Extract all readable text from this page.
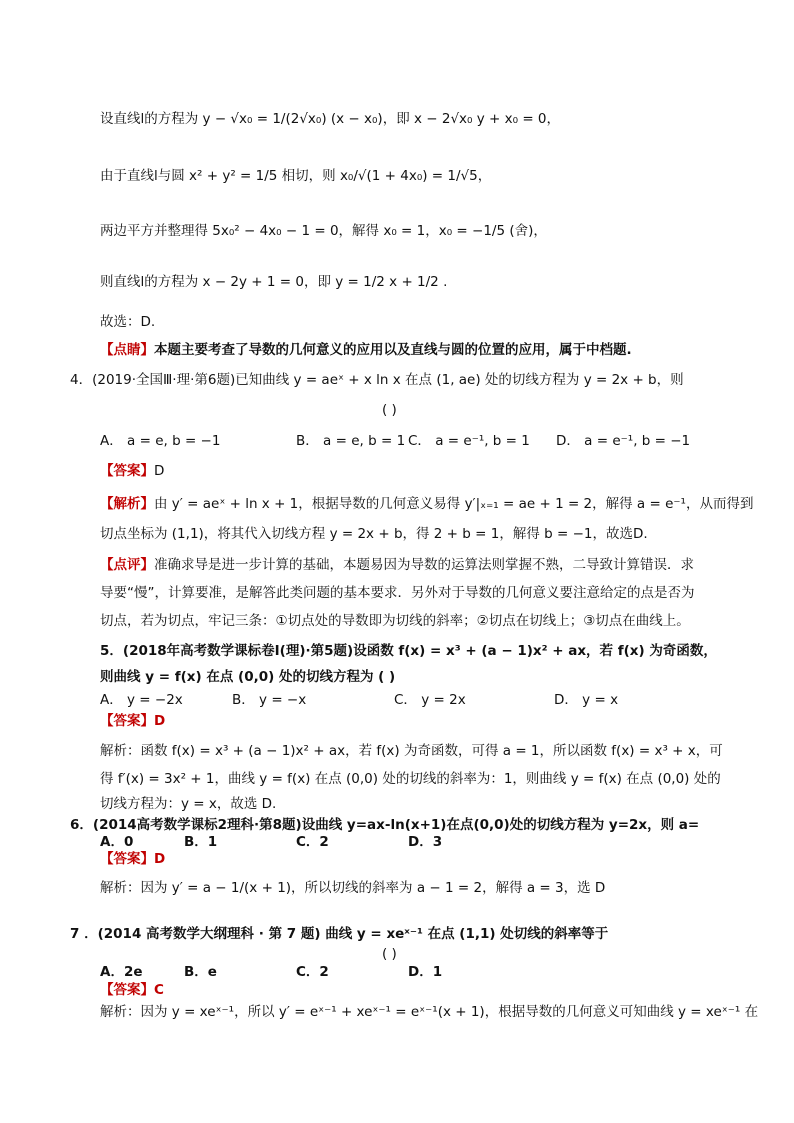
设直线l的方程为 y − √x₀ = 1/(2√x₀) (x − x₀)，即 x − 2√x₀ y + x₀ = 0，
由于直线l与圆 x² + y² = 1/5 相切，则 x₀/√(1 + 4x₀) = 1/√5，
两边平方并整理得 5x₀² − 4x₀ − 1 = 0，解得 x₀ = 1，x₀ = −1/5 (舍)，
则直线l的方程为 x − 2y + 1 = 0，即 y = 1/2 x + 1/2 .
故选：D.
【点睛】本题主要考查了导数的几何意义的应用以及直线与圆的位置的应用，属于中档题.
4．(2019·全国Ⅲ·理·第6题)已知曲线 y = aeˣ + x ln x 在点 (1, ae) 处的切线方程为 y = 2x + b，则
( )
A． a = e, b = −1	B． a = e, b = 1 C． a = e⁻¹, b = 1 D． a = e⁻¹, b = −1
【答案】D
【解析】由 y′ = aeˣ + ln x + 1，根据导数的几何意义易得 y′|ₓ₌₁ = ae + 1 = 2，解得 a = e⁻¹，从而得到
切点坐标为 (1,1)，将其代入切线方程 y = 2x + b，得 2 + b = 1，解得 b = −1，故选D.
【点评】准确求导是进一步计算的基础，本题易因为导数的运算法则掌握不熟，二导致计算错误．求
导要“慢”，计算要准，是解答此类问题的基本要求．另外对于导数的几何意义要注意给定的点是否为
切点，若为切点，牢记三条：①切点处的导数即为切线的斜率；②切点在切线上；③切点在曲线上。
5．(2018年高考数学课标卷Ⅰ(理)·第5题)设函数 f(x) = x³ + (a − 1)x² + ax，若 f(x) 为奇函数，
则曲线 y = f(x) 在点 (0,0) 处的切线方程为 ( )
A． y = −2x	B． y = −x	C． y = 2x	D． y = x
【答案】D
解析：函数 f(x) = x³ + (a − 1)x² + ax，若 f(x) 为奇函数，可得 a = 1，所以函数 f(x) = x³ + x，可
得 f′(x) = 3x² + 1，曲线 y = f(x) 在点 (0,0) 处的切线的斜率为：1，则曲线 y = f(x) 在点 (0,0) 处的
切线方程为：y = x，故选 D.
6．(2014高考数学课标2理科·第8题)设曲线 y=ax-ln(x+1)在点(0,0)处的切线方程为 y=2x，则 a=
A．0	B．1	C．2	D．3
【答案】D
解析：因为 y′ = a − 1/(x + 1)，所以切线的斜率为 a − 1 = 2，解得 a = 3，选 D
7 ．(2014 高考数学大纲理科 · 第 7 题) 曲线 y = xeˣ⁻¹ 在点 (1,1) 处切线的斜率等于
( )
A．2e	B．e	C．2	D．1
【答案】C
解析：因为 y = xeˣ⁻¹，所以 y′ = eˣ⁻¹ + xeˣ⁻¹ = eˣ⁻¹(x + 1)，根据导数的几何意义可知曲线 y = xeˣ⁻¹ 在
